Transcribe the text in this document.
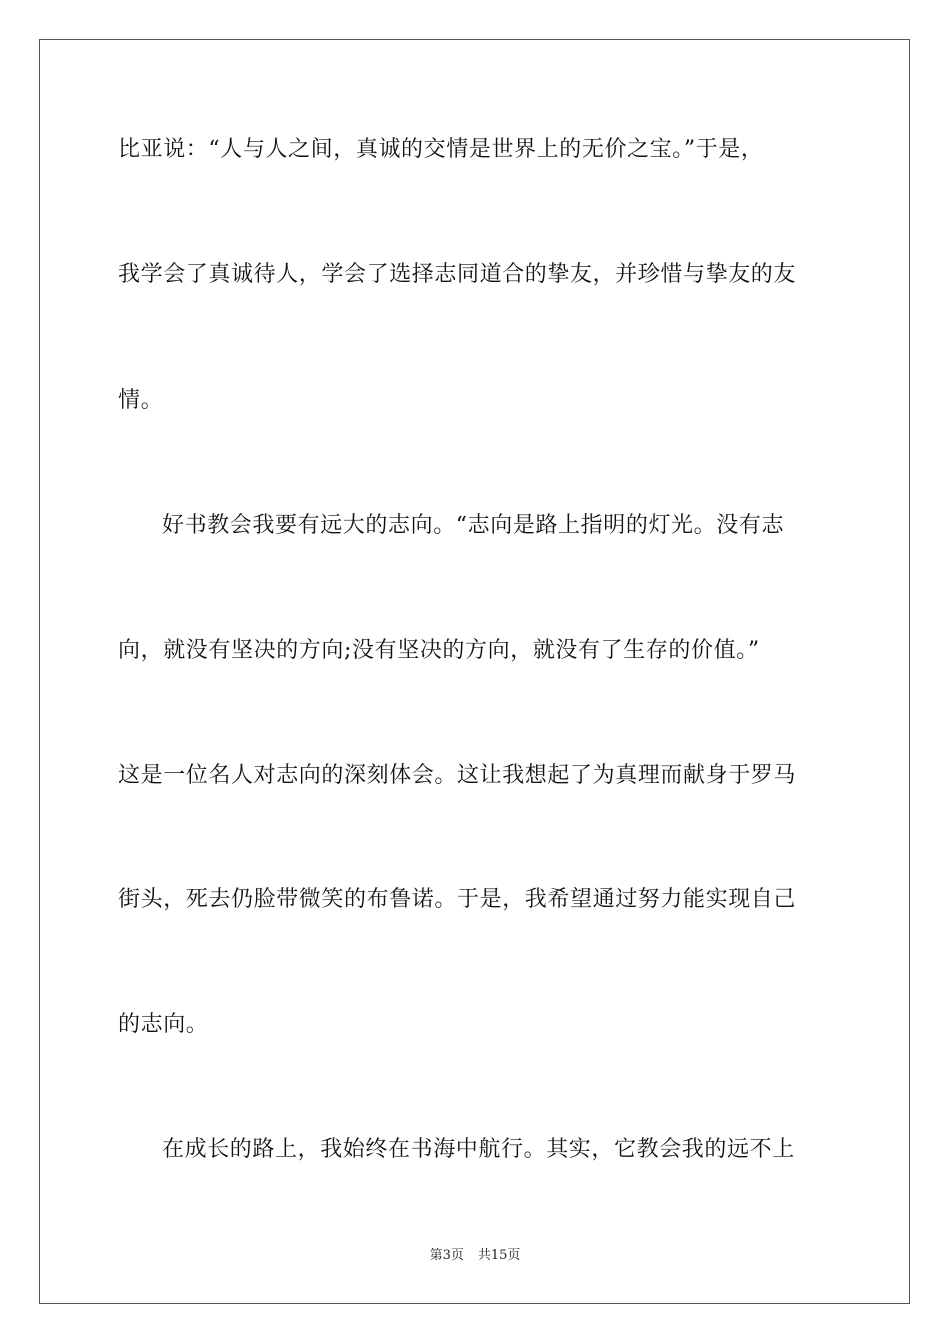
比亚说：“人与人之间，真诚的交情是世界上的无价之宝。”于是，
我学会了真诚待人，学会了选择志同道合的挚友，并珍惜与挚友的友
情。
好书教会我要有远大的志向。“志向是路上指明的灯光。没有志
向，就没有坚决的方向;没有坚决的方向，就没有了生存的价值。”
这是一位名人对志向的深刻体会。这让我想起了为真理而献身于罗马
街头，死去仍脸带微笑的布鲁诺。于是，我希望通过努力能实现自己
的志向。
在成长的路上，我始终在书海中航行。其实，它教会我的远不上
第3页 共15页
